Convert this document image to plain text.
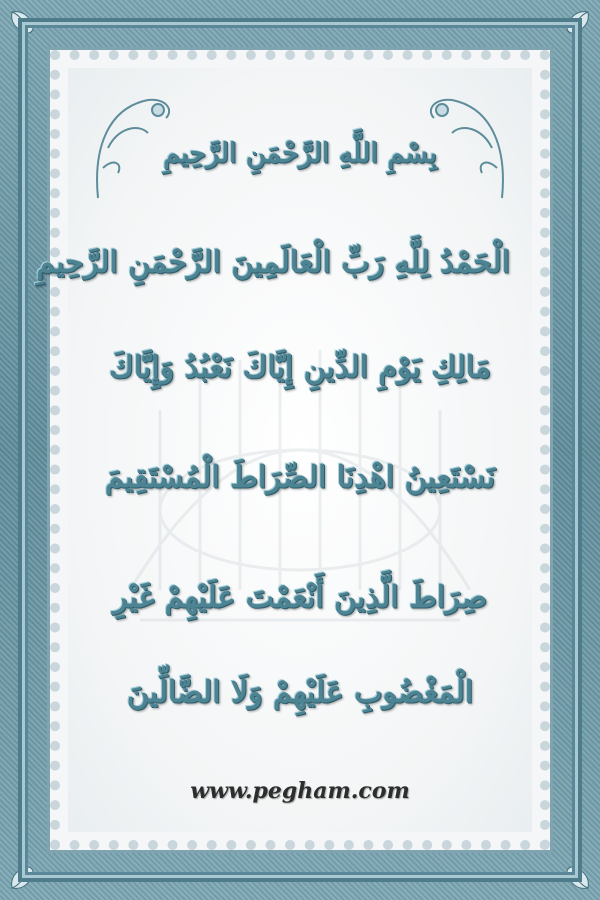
بِسْمِ اللَّهِ الرَّحْمَنِ الرَّحِيمِ
الْحَمْدُ لِلَّهِ رَبِّ الْعَالَمِينَ الرَّحْمَنِ الرَّحِيمِ
مَالِكِ يَوْمِ الدِّينِ إِيَّاكَ نَعْبُدُ وَإِيَّاكَ
نَسْتَعِينُ اهْدِنَا الصِّرَاطَ الْمُسْتَقِيمَ
صِرَاطَ الَّذِينَ أَنْعَمْتَ عَلَيْهِمْ غَيْرِ
الْمَغْضُوبِ عَلَيْهِمْ وَلَا الضَّالِّينَ
www.pegham.com
